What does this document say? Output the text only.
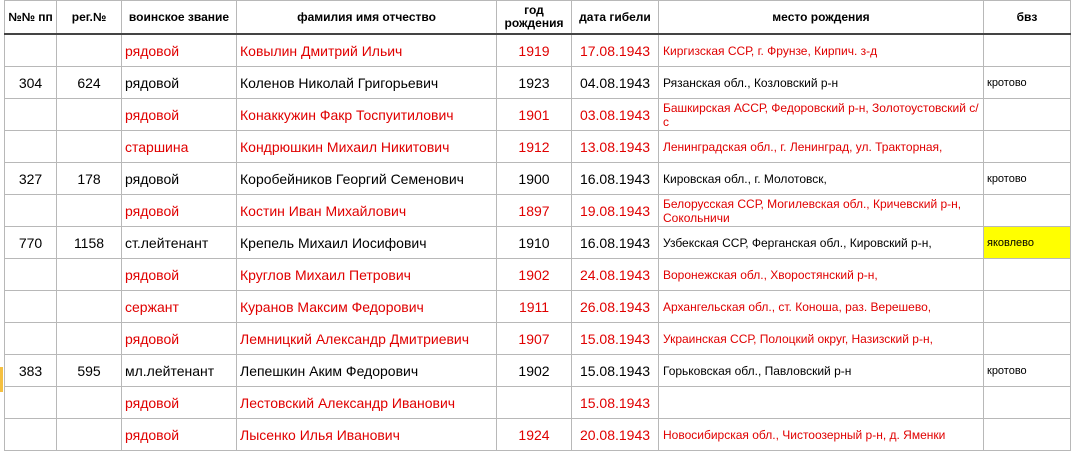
№№ пп	рег.№	воинское звание	фамилия имя отчество	год рождения	дата гибели	место рождения	бвз
		рядовой	Ковылин Дмитрий Ильич	1919	17.08.1943	Киргизская ССР, г. Фрунзе, Кирпич. з-д	
304	624	рядовой	Коленов Николай Григорьевич	1923	04.08.1943	Рязанская обл., Козловский р-н	кротово
		рядовой	Конаккужин Факр Тоспуитилович	1901	03.08.1943	Башкирская АССР, Федоровский р-н, Золотоустовский с/с	
		старшина	Кондрюшкин Михаил Никитович	1912	13.08.1943	Ленинградская обл., г. Ленинград, ул. Тракторная,	
327	178	рядовой	Коробейников Георгий Семенович	1900	16.08.1943	Кировская обл., г. Молотовск,	кротово
		рядовой	Костин Иван Михайлович	1897	19.08.1943	Белорусская ССР, Могилевская обл., Кричевский р-н, Сокольничи	
770	1158	ст.лейтенант	Крепель Михаил Иосифович	1910	16.08.1943	Узбекская ССР, Ферганская обл., Кировский р-н,	яковлево
		рядовой	Круглов Михаил Петрович	1902	24.08.1943	Воронежская обл., Хворостянский р-н,	
		сержант	Куранов Максим Федорович	1911	26.08.1943	Архангельская обл., ст. Коноша, раз. Верешево,	
		рядовой	Лемницкий Александр Дмитриевич	1907	15.08.1943	Украинская ССР, Полоцкий округ, Назизский р-н,	
383	595	мл.лейтенант	Лепешкин Аким Федорович	1902	15.08.1943	Горьковская обл., Павловский р-н	кротово
		рядовой	Лестовский Александр Иванович		15.08.1943		
		рядовой	Лысенко Илья Иванович	1924	20.08.1943	Новосибирская обл., Чистоозерный р-н, д. Яменки	
